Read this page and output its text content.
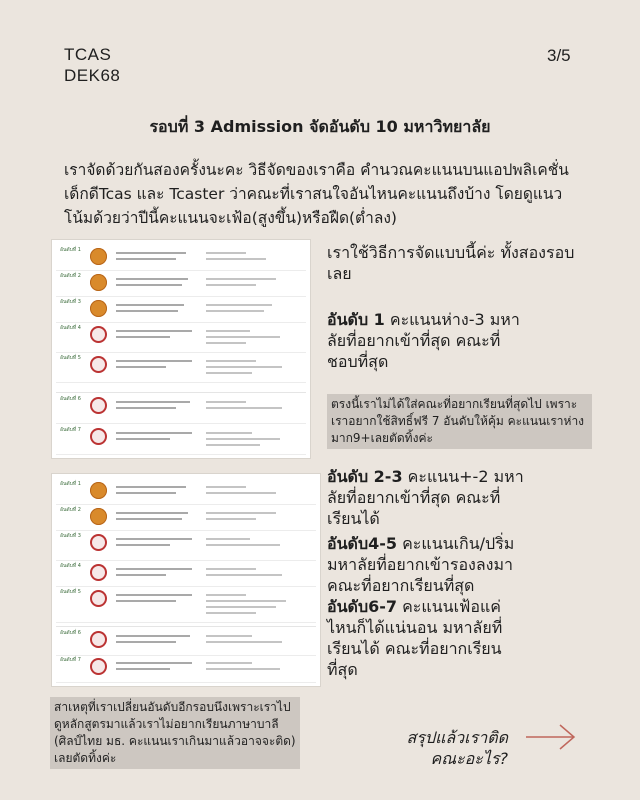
TCAS
DEK68
3/5
รอบที่ 3 Admission จัดอันดับ 10 มหาวิทยาลัย
เราจัดด้วยกันสองครั้งนะคะ วิธีจัดของเราคือ คำนวณคะแนนบนแอปพลิเคชั่น เด็กดีTcas และ Tcaster ว่าคณะที่เราสนใจอันไหนคะแนนถึงบ้าง โดยดูแนวโน้มด้วยว่าปีนี้คะแนนจะเฟ้อ(สูงขึ้น)หรือฝืด(ต่ำลง)
อันดับที่ 1
อันดับที่ 2
อันดับที่ 3
อันดับที่ 4
อันดับที่ 5
อันดับที่ 6
อันดับที่ 7
อันดับที่ 1
อันดับที่ 2
อันดับที่ 3
อันดับที่ 4
อันดับที่ 5
อันดับที่ 6
อันดับที่ 7
เราใช้วิธีการจัดแบบนี้ค่ะ ทั้งสองรอบเลย
อันดับ 1 คะแนนห่าง-3 มหาลัยที่อยากเข้าที่สุด คณะที่ชอบที่สุด
ตรงนี้เราไม่ได้ใส่คณะที่อยากเรียนที่สุดไป เพราะเราอยากใช้สิทธิ์ฟรี 7 อันดับให้คุ้ม คะแนนเราห่างมาก9+เลยตัดทิ้งค่ะ
อันดับ 2-3 คะแนน+-2 มหาลัยที่อยากเข้าที่สุด คณะที่เรียนได้
อันดับ4-5 คะแนนเกิน/ปริ่ม มหาลัยที่อยากเข้ารองลงมา คณะที่อยากเรียนที่สุด
อันดับ6-7 คะแนนเฟ้อแค่ไหนก็ได้แน่นอน มหาลัยที่เรียนได้ คณะที่อยากเรียนที่สุด
สาเหตุที่เราเปลี่ยนอันดับอีกรอบนึงเพราะเราไปดูหลักสูตรมาแล้วเราไม่อยากเรียนภาษาบาลี (ศิลป์ไทย มธ. คะแนนเราเกินมาแล้วอาจจะติด) เลยตัดทิ้งค่ะ
สรุปแล้วเราติด
คณะอะไร?
